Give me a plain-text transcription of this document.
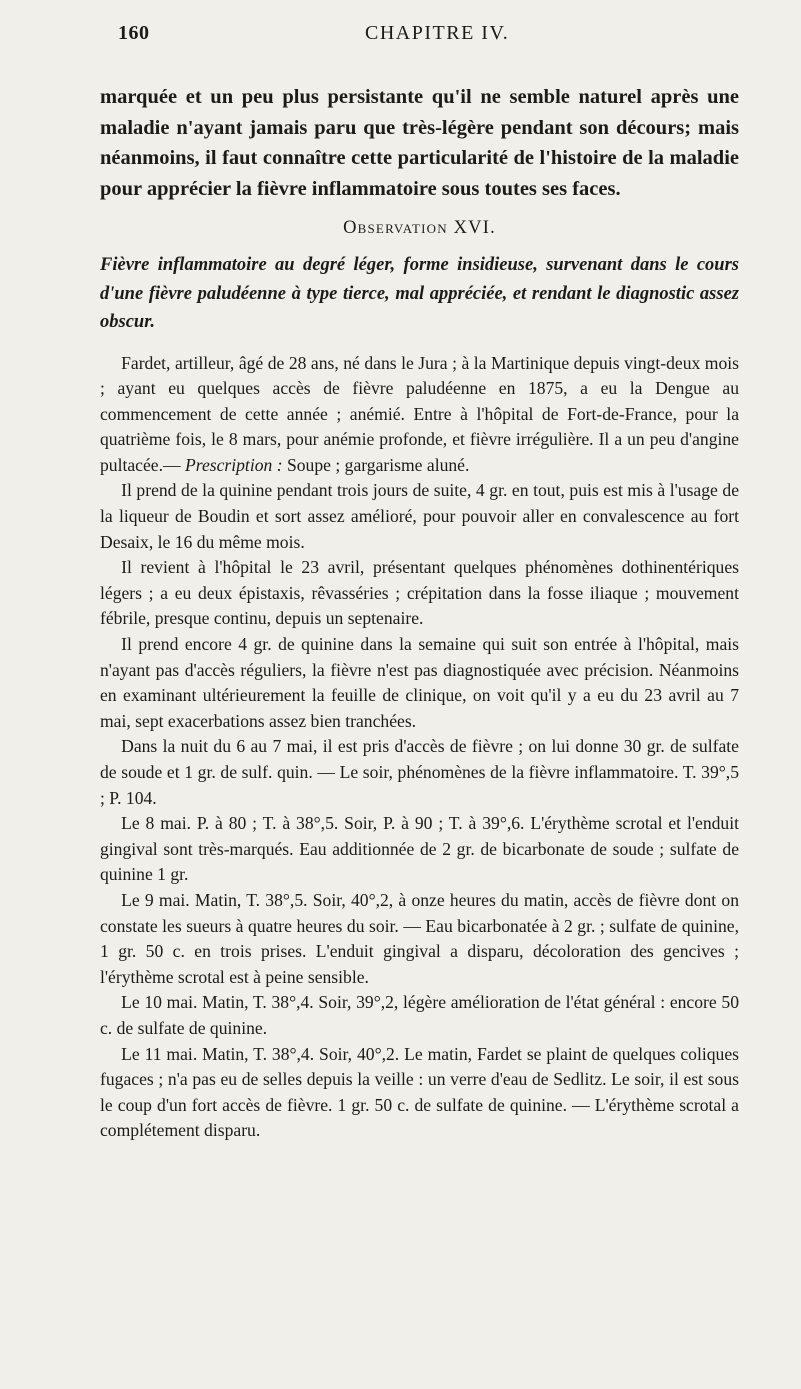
160	CHAPITRE IV.

marquée et un peu plus persistante qu'il ne semble naturel après une maladie n'ayant jamais paru que très-légère pendant son décours; mais néanmoins, il faut connaître cette particularité de l'histoire de la maladie pour apprécier la fièvre inflammatoire sous toutes ses faces.

Observation XVI.

Fièvre inflammatoire au degré léger, forme insidieuse, survenant dans le cours d'une fièvre paludéenne à type tierce, mal appréciée, et rendant le diagnostic assez obscur.

Fardet, artilleur, âgé de 28 ans, né dans le Jura ; à la Martinique depuis vingt-deux mois ; ayant eu quelques accès de fièvre paludéenne en 1875, a eu la Dengue au commencement de cette année ; anémié. Entre à l'hôpital de Fort-de-France, pour la quatrième fois, le 8 mars, pour anémie profonde, et fièvre irrégulière. Il a un peu d'angine pultacée.— Prescription : Soupe ; gargarisme aluné.

Il prend de la quinine pendant trois jours de suite, 4 gr. en tout, puis est mis à l'usage de la liqueur de Boudin et sort assez amélioré, pour pouvoir aller en convalescence au fort Desaix, le 16 du même mois.

Il revient à l'hôpital le 23 avril, présentant quelques phénomènes dothinentériques légers ; a eu deux épistaxis, rêvasséries ; crépitation dans la fosse iliaque ; mouvement fébrile, presque continu, depuis un septenaire.

Il prend encore 4 gr. de quinine dans la semaine qui suit son entrée à l'hôpital, mais n'ayant pas d'accès réguliers, la fièvre n'est pas diagnostiquée avec précision. Néanmoins en examinant ultérieurement la feuille de clinique, on voit qu'il y a eu du 23 avril au 7 mai, sept exacerbations assez bien tranchées.

Dans la nuit du 6 au 7 mai, il est pris d'accès de fièvre ; on lui donne 30 gr. de sulfate de soude et 1 gr. de sulf. quin. — Le soir, phénomènes de la fièvre inflammatoire. T. 39°,5 ; P. 104.

Le 8 mai. P. à 80 ; T. à 38°,5. Soir, P. à 90 ; T. à 39°,6. L'érythème scrotal et l'enduit gingival sont très-marqués. Eau additionnée de 2 gr. de bicarbonate de soude ; sulfate de quinine 1 gr.

Le 9 mai. Matin, T. 38°,5. Soir, 40°,2, à onze heures du matin, accès de fièvre dont on constate les sueurs à quatre heures du soir. — Eau bicarbonatée à 2 gr. ; sulfate de quinine, 1 gr. 50 c. en trois prises. L'enduit gingival a disparu, décoloration des gencives ; l'érythème scrotal est à peine sensible.

Le 10 mai. Matin, T. 38°,4. Soir, 39°,2, légère amélioration de l'état général : encore 50 c. de sulfate de quinine.

Le 11 mai. Matin, T. 38°,4. Soir, 40°,2. Le matin, Fardet se plaint de quelques coliques fugaces ; n'a pas eu de selles depuis la veille : un verre d'eau de Sedlitz. Le soir, il est sous le coup d'un fort accès de fièvre. 1 gr. 50 c. de sulfate de quinine. — L'érythème scrotal a complétement disparu.
